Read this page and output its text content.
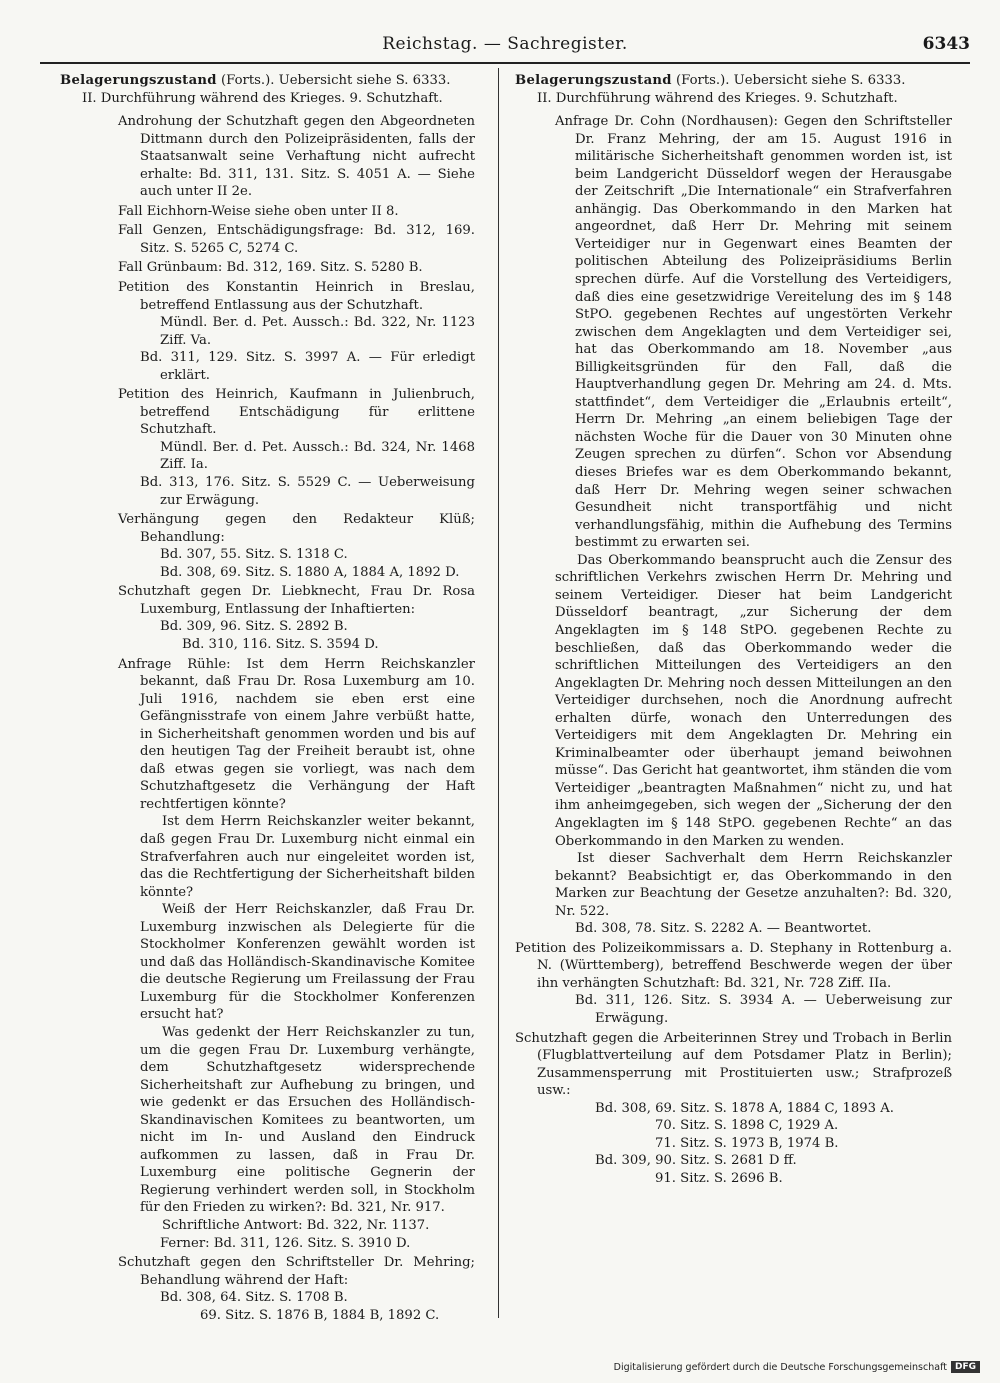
Reichstag. — Sachregister.	6343

Belagerungszustand (Forts.). Uebersicht siehe S. 6333.

II. Durchführung während des Krieges. 9. Schutzhaft.

Androhung der Schutzhaft gegen den Abgeordneten Dittmann durch den Polizeipräsidenten, falls der Staatsanwalt seine Verhaftung nicht aufrecht erhalte: Bd. 311, 131. Sitz. S. 4051 A. — Siehe auch unter II 2e.

Fall Eichhorn-Weise siehe oben unter II 8.

Fall Genzen, Entschädigungsfrage: Bd. 312, 169. Sitz. S. 5265 C, 5274 C.

Fall Grünbaum: Bd. 312, 169. Sitz. S. 5280 B.

Petition des Konstantin Heinrich in Breslau, betreffend Entlassung aus der Schutzhaft.

Mündl. Ber. d. Pet. Aussch.: Bd. 322, Nr. 1123 Ziff. Va.

Bd. 311, 129. Sitz. S. 3997 A. — Für erledigt erklärt.

Petition des Heinrich, Kaufmann in Julienbruch, betreffend Entschädigung für erlittene Schutzhaft.

Mündl. Ber. d. Pet. Aussch.: Bd. 324, Nr. 1468 Ziff. Ia.

Bd. 313, 176. Sitz. S. 5529 C. — Ueberweisung zur Erwägung.

Verhängung gegen den Redakteur Klüß; Behandlung:

Bd. 307, 55. Sitz. S. 1318 C.

Bd. 308, 69. Sitz. S. 1880 A, 1884 A, 1892 D.

Schutzhaft gegen Dr. Liebknecht, Frau Dr. Rosa Luxemburg, Entlassung der Inhaftierten:

Bd. 309, 96. Sitz. S. 2892 B.

Bd. 310, 116. Sitz. S. 3594 D.

Anfrage Rühle: Ist dem Herrn Reichskanzler bekannt, daß Frau Dr. Rosa Luxemburg am 10. Juli 1916, nachdem sie eben erst eine Gefängnisstrafe von einem Jahre verbüßt hatte, in Sicherheitshaft genommen worden und bis auf den heutigen Tag der Freiheit beraubt ist, ohne daß etwas gegen sie vorliegt, was nach dem Schutzhaftgesetz die Verhängung der Haft rechtfertigen könnte?

Ist dem Herrn Reichskanzler weiter bekannt, daß gegen Frau Dr. Luxemburg nicht einmal ein Strafverfahren auch nur eingeleitet worden ist, das die Rechtfertigung der Sicherheitshaft bilden könnte?

Weiß der Herr Reichskanzler, daß Frau Dr. Luxemburg inzwischen als Delegierte für die Stockholmer Konferenzen gewählt worden ist und daß das Holländisch-Skandinavische Komitee die deutsche Regierung um Freilassung der Frau Luxemburg für die Stockholmer Konferenzen ersucht hat?

Was gedenkt der Herr Reichskanzler zu tun, um die gegen Frau Dr. Luxemburg verhängte, dem Schutzhaftgesetz widersprechende Sicherheitshaft zur Aufhebung zu bringen, und wie gedenkt er das Ersuchen des Holländisch-Skandinavischen Komitees zu beantworten, um nicht im In- und Ausland den Eindruck aufkommen zu lassen, daß in Frau Dr. Luxemburg eine politische Gegnerin der Regierung verhindert werden soll, in Stockholm für den Frieden zu wirken?: Bd. 321, Nr. 917.

Schriftliche Antwort: Bd. 322, Nr. 1137.

Ferner: Bd. 311, 126. Sitz. S. 3910 D.

Schutzhaft gegen den Schriftsteller Dr. Mehring; Behandlung während der Haft:

Bd. 308, 64. Sitz. S. 1708 B.

69. Sitz. S. 1876 B, 1884 B, 1892 C.

Belagerungszustand (Forts.). Uebersicht siehe S. 6333.

II. Durchführung während des Krieges. 9. Schutzhaft.

Anfrage Dr. Cohn (Nordhausen): Gegen den Schriftsteller Dr. Franz Mehring, der am 15. August 1916 in militärische Sicherheitshaft genommen worden ist, ist beim Landgericht Düsseldorf wegen der Herausgabe der Zeitschrift „Die Internationale“ ein Strafverfahren anhängig. Das Oberkommando in den Marken hat angeordnet, daß Herr Dr. Mehring mit seinem Verteidiger nur in Gegenwart eines Beamten der politischen Abteilung des Polizeipräsidiums Berlin sprechen dürfe. Auf die Vorstellung des Verteidigers, daß dies eine gesetzwidrige Vereitelung des im § 148 StPO. gegebenen Rechtes auf ungestörten Verkehr zwischen dem Angeklagten und dem Verteidiger sei, hat das Oberkommando am 18. November „aus Billigkeitsgründen für den Fall, daß die Hauptverhandlung gegen Dr. Mehring am 24. d. Mts. stattfindet“, dem Verteidiger die „Erlaubnis erteilt“, Herrn Dr. Mehring „an einem beliebigen Tage der nächsten Woche für die Dauer von 30 Minuten ohne Zeugen sprechen zu dürfen“. Schon vor Absendung dieses Briefes war es dem Oberkommando bekannt, daß Herr Dr. Mehring wegen seiner schwachen Gesundheit nicht transportfähig und nicht verhandlungsfähig, mithin die Aufhebung des Termins bestimmt zu erwarten sei.

Das Oberkommando beansprucht auch die Zensur des schriftlichen Verkehrs zwischen Herrn Dr. Mehring und seinem Verteidiger. Dieser hat beim Landgericht Düsseldorf beantragt, „zur Sicherung der dem Angeklagten im § 148 StPO. gegebenen Rechte zu beschließen, daß das Oberkommando weder die schriftlichen Mitteilungen des Verteidigers an den Angeklagten Dr. Mehring noch dessen Mitteilungen an den Verteidiger durchsehen, noch die Anordnung aufrecht erhalten dürfe, wonach den Unterredungen des Verteidigers mit dem Angeklagten Dr. Mehring ein Kriminalbeamter oder überhaupt jemand beiwohnen müsse“. Das Gericht hat geantwortet, ihm ständen die vom Verteidiger „beantragten Maßnahmen“ nicht zu, und hat ihm anheimgegeben, sich wegen der „Sicherung der den Angeklagten im § 148 StPO. gegebenen Rechte“ an das Oberkommando in den Marken zu wenden.

Ist dieser Sachverhalt dem Herrn Reichskanzler bekannt? Beabsichtigt er, das Oberkommando in den Marken zur Beachtung der Gesetze anzuhalten?: Bd. 320, Nr. 522.

Bd. 308, 78. Sitz. S. 2282 A. — Beantwortet.

Petition des Polizeikommissars a. D. Stephany in Rottenburg a. N. (Württemberg), betreffend Beschwerde wegen der über ihn verhängten Schutzhaft: Bd. 321, Nr. 728 Ziff. IIa.

Bd. 311, 126. Sitz. S. 3934 A. — Ueberweisung zur Erwägung.

Schutzhaft gegen die Arbeiterinnen Strey und Trobach in Berlin (Flugblattverteilung auf dem Potsdamer Platz in Berlin); Zusammensperrung mit Prostituierten usw.; Strafprozeß usw.:

Bd. 308, 69. Sitz. S. 1878 A, 1884 C, 1893 A.

70. Sitz. S. 1898 C, 1929 A.

71. Sitz. S. 1973 B, 1974 B.

Bd. 309, 90. Sitz. S. 2681 D ff.

91. Sitz. S. 2696 B.

Digitalisierung gefördert durch die Deutsche Forschungsgemeinschaft DFG
